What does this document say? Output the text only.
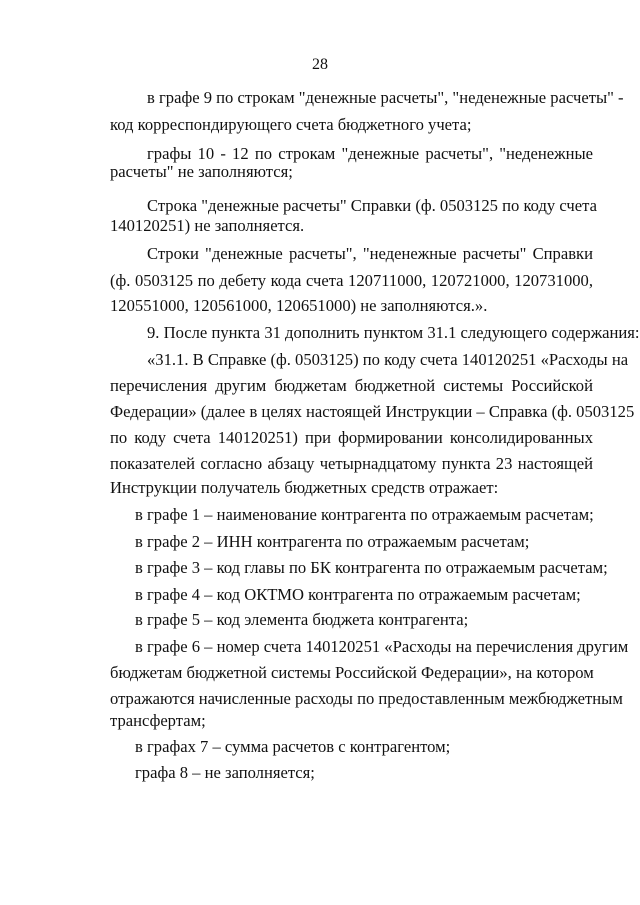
28
в графе 9 по строкам "денежные расчеты", "неденежные расчеты" -
код корреспондирующего счета бюджетного учета;
графы 10 - 12 по строкам "денежные расчеты", "неденежные
расчеты" не заполняются;
Строка "денежные расчеты" Справки (ф. 0503125 по коду счета
140120251) не заполняется.
Строки "денежные расчеты", "неденежные расчеты" Справки
(ф. 0503125 по дебету кода счета 120711000, 120721000, 120731000,
120551000, 120561000, 120651000) не заполняются.».
9. После пункта 31 дополнить пунктом 31.1 следующего содержания:
«31.1. В Справке (ф. 0503125) по коду счета 140120251 «Расходы на
перечисления другим бюджетам бюджетной системы Российской
Федерации» (далее в целях настоящей Инструкции – Справка (ф. 0503125
по коду счета 140120251) при формировании консолидированных
показателей согласно абзацу четырнадцатому пункта 23 настоящей
Инструкции получатель бюджетных средств отражает:
в графе 1 – наименование контрагента по отражаемым расчетам;
в графе 2 – ИНН контрагента по отражаемым расчетам;
в графе 3 – код главы по БК контрагента по отражаемым расчетам;
в графе 4 – код ОКТМО контрагента по отражаемым расчетам;
в графе 5 – код элемента бюджета контрагента;
в графе 6 – номер счета 140120251 «Расходы на перечисления другим
бюджетам бюджетной системы Российской Федерации», на котором
отражаются начисленные расходы по предоставленным межбюджетным
трансфертам;
в графах 7 – сумма расчетов с контрагентом;
графа 8 – не заполняется;
